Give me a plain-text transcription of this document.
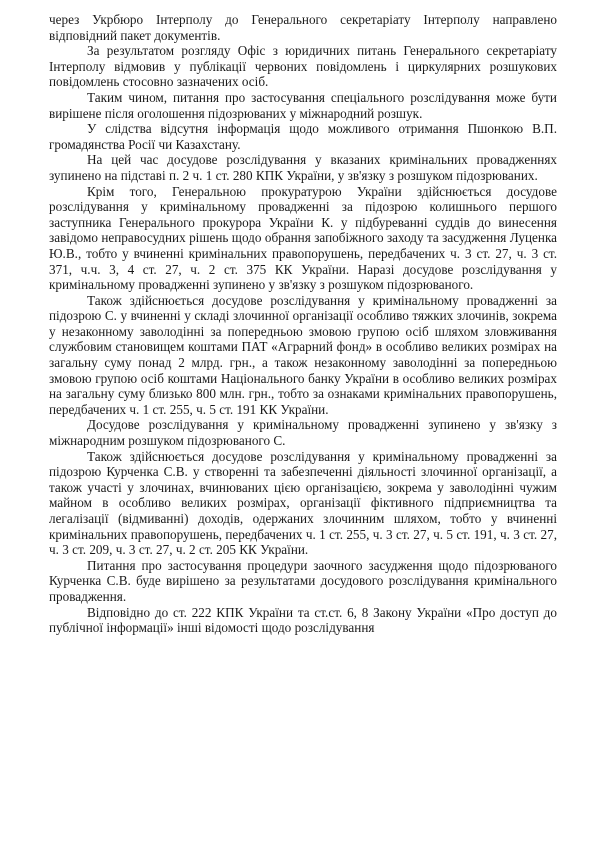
через Укрбюро Інтерполу до Генерального секретаріату Інтерполу направлено відповідний пакет документів.

За результатом розгляду Офіс з юридичних питань Генерального секретаріату Інтерполу відмовив у публікації червоних повідомлень і циркулярних розшукових повідомлень стосовно зазначених осіб.

Таким чином, питання про застосування спеціального розслідування може бути вирішене після оголошення підозрюваних у міжнародний розшук.

У слідства відсутня інформація щодо можливого отримання Пшонкою В.П. громадянства Росії чи Казахстану.

На цей час досудове розслідування у вказаних кримінальних провадженнях зупинено на підставі п. 2 ч. 1 ст. 280 КПК України, у зв'язку з розшуком підозрюваних.

Крім того, Генеральною прокуратурою України здійснюється досудове розслідування у кримінальному провадженні за підозрою колишнього першого заступника Генерального прокурора України К. у підбуреванні суддів до винесення завідомо неправосудних рішень щодо обрання запобіжного заходу та засудження Луценка Ю.В., тобто у вчиненні кримінальних правопорушень, передбачених ч. 3 ст. 27, ч. 3 ст. 371, ч.ч. 3, 4 ст. 27, ч. 2 ст. 375 КК України. Наразі досудове розслідування у кримінальному провадженні зупинено у зв'язку з розшуком підозрюваного.

Також здійснюється досудове розслідування у кримінальному провадженні за підозрою С. у вчиненні у складі злочинної організації особливо тяжких злочинів, зокрема у незаконному заволодінні за попередньою змовою групою осіб шляхом зловживання службовим становищем коштами ПАТ «Аграрний фонд» в особливо великих розмірах на загальну суму понад 2 млрд. грн., а також незаконному заволодінні за попередньою змовою групою осіб коштами Національного банку України в особливо великих розмірах на загальну суму близько 800 млн. грн., тобто за ознаками кримінальних правопорушень, передбачених ч. 1 ст. 255, ч. 5 ст. 191 КК України.

Досудове розслідування у кримінальному провадженні зупинено у зв'язку з міжнародним розшуком підозрюваного С.

Також здійснюється досудове розслідування у кримінальному провадженні за підозрою Курченка С.В. у створенні та забезпеченні діяльності злочинної організації, а також участі у злочинах, вчинюваних цією організацією, зокрема у заволодінні чужим майном в особливо великих розмірах, організації фіктивного підприємництва та легалізації (відмиванні) доходів, одержаних злочинним шляхом, тобто у вчиненні кримінальних правопорушень, передбачених ч. 1 ст. 255, ч. 3 ст. 27, ч. 5 ст. 191, ч. 3 ст. 27, ч. 3 ст. 209, ч. 3 ст. 27, ч. 2 ст. 205 КК України.

Питання про застосування процедури заочного засудження щодо підозрюваного Курченка С.В. буде вирішено за результатами досудового розслідування кримінального провадження.

Відповідно до ст. 222 КПК України та ст.ст. 6, 8 Закону України «Про доступ до публічної інформації» інші відомості щодо розслідування
